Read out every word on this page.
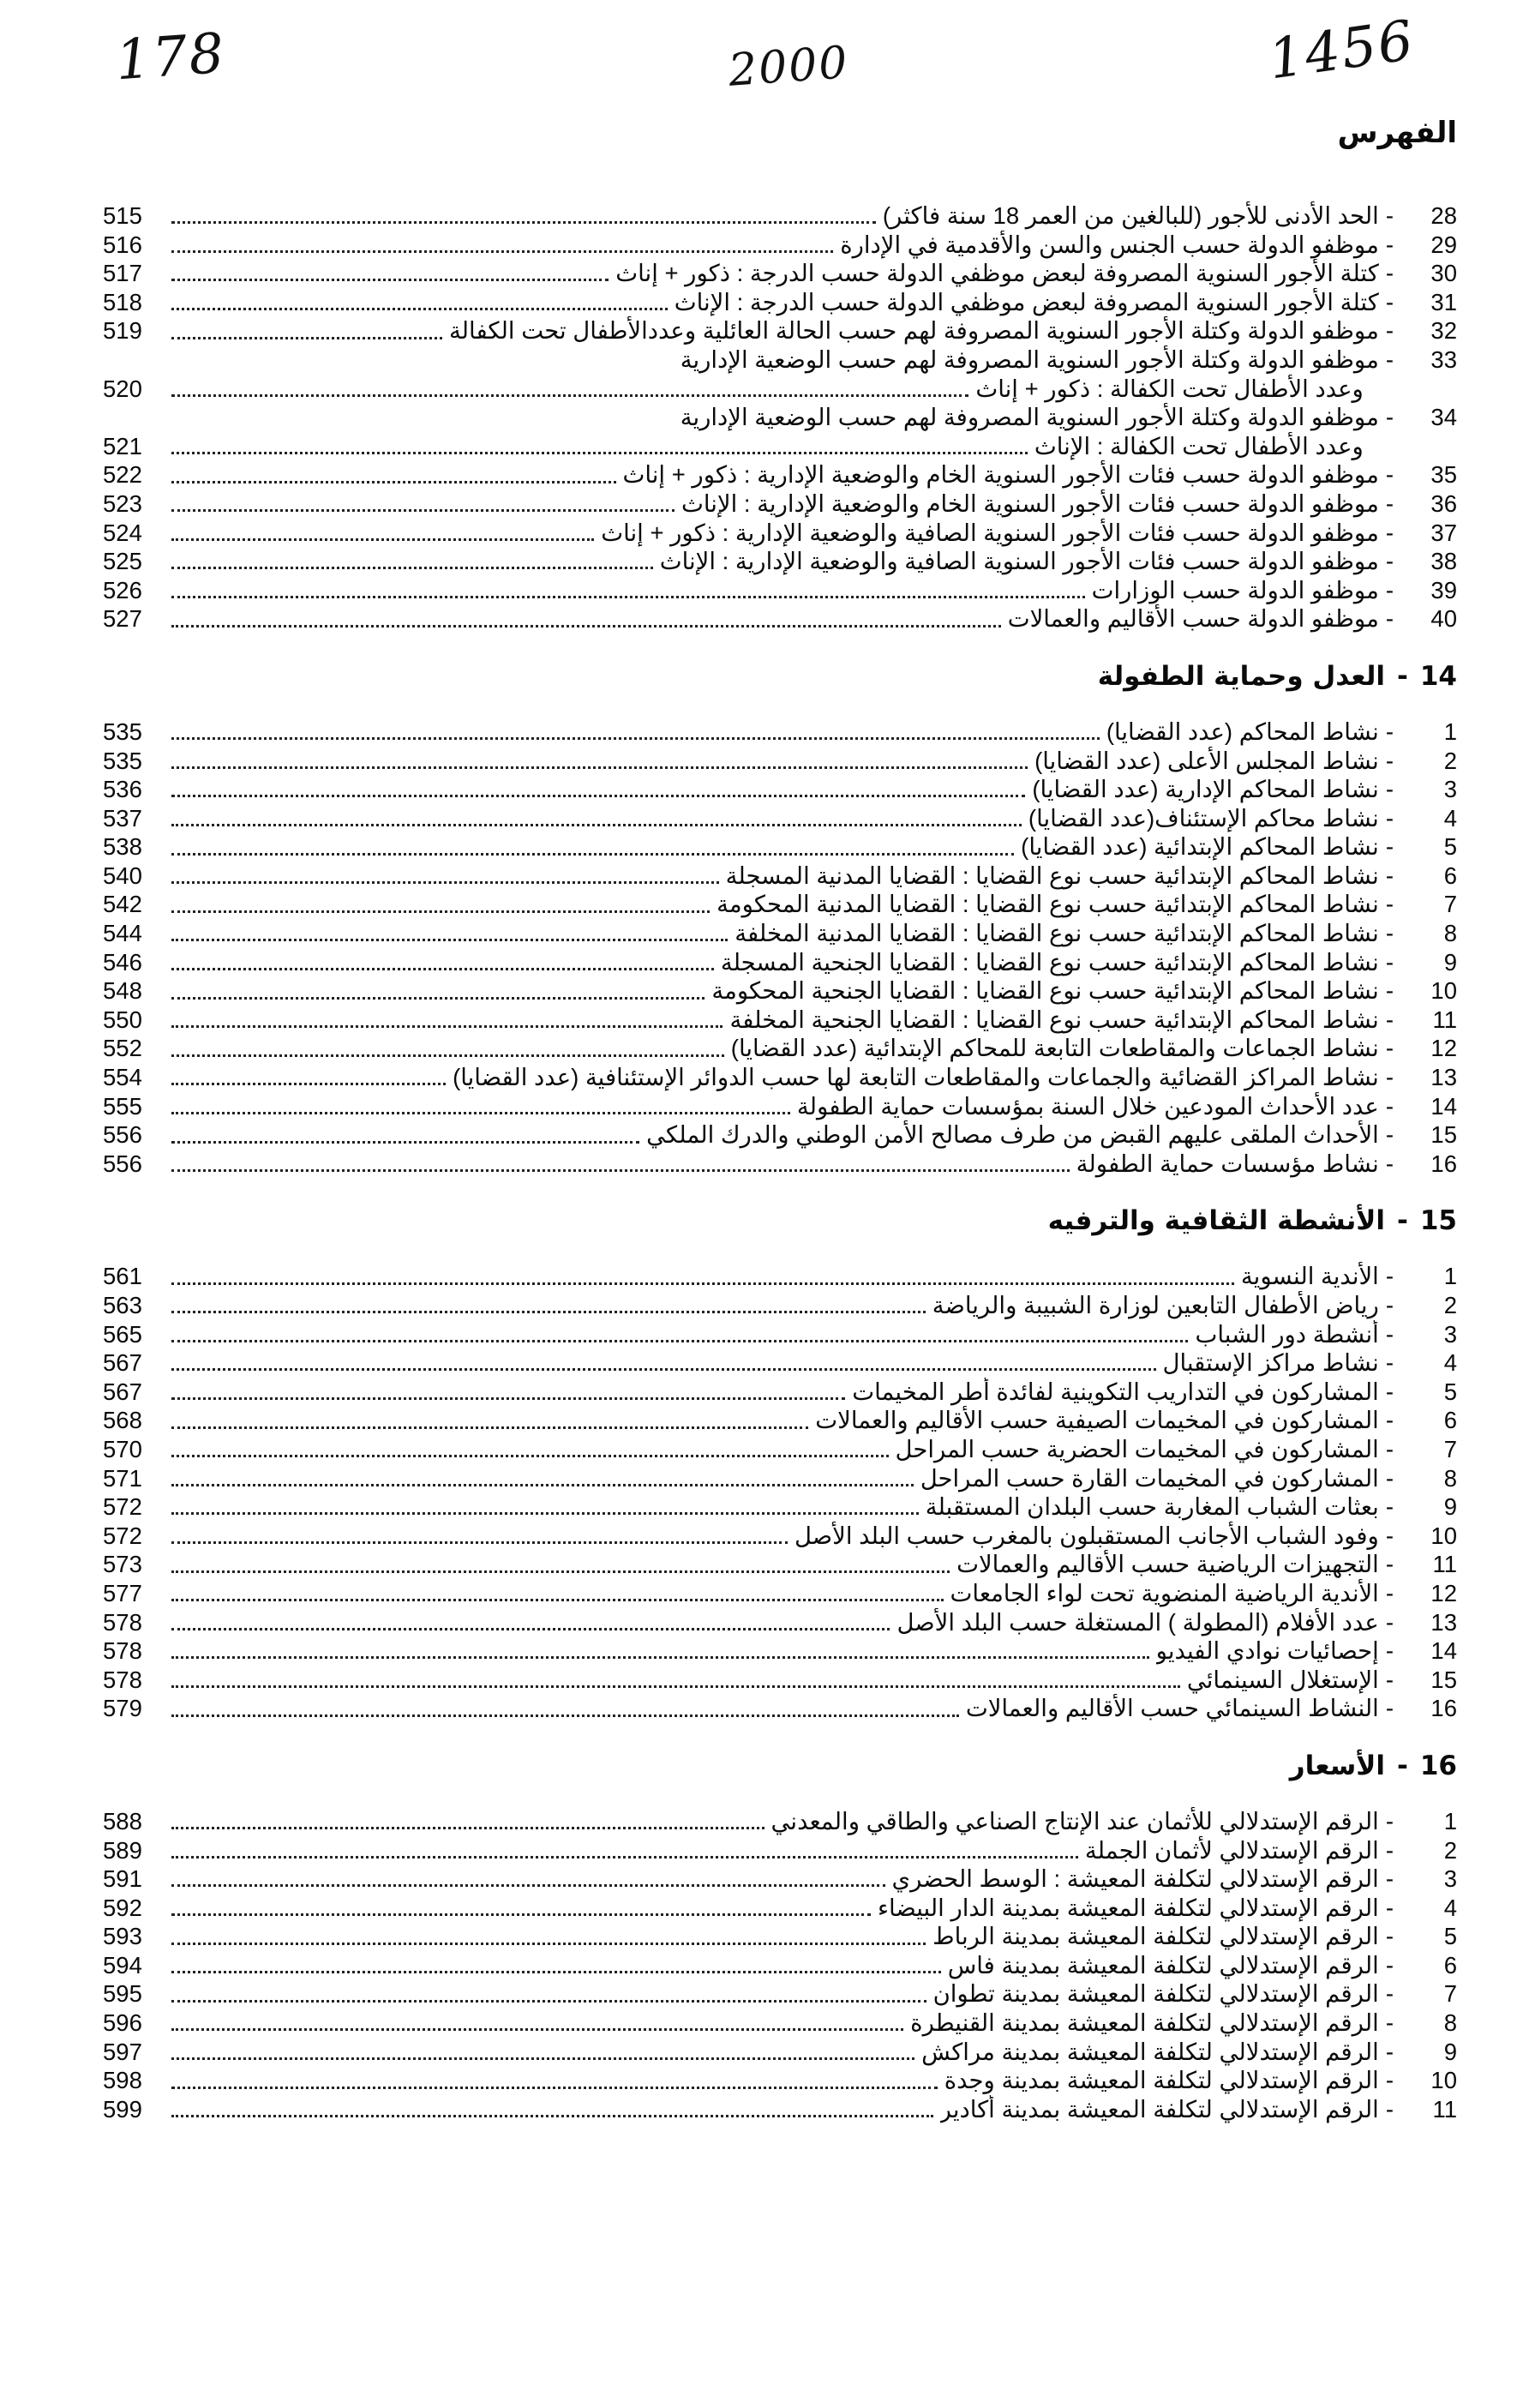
178	2000	1456
الفهرس
28
-
الحد الأدنى للأجور (للبالغين من العمر 18 سنة فاكثر)
515
29
-
موظفو الدولة حسب الجنس والسن والأقدمية في الإدارة
516
30
-
كتلة الأجور السنوية المصروفة لبعض موظفي الدولة حسب الدرجة : ذكور + إناث
517
31
-
كتلة الأجور السنوية المصروفة لبعض موظفي الدولة حسب الدرجة : الإناث
518
32
-
موظفو الدولة وكتلة الأجور السنوية المصروفة لهم حسب الحالة العائلية وعددالأطفال تحت الكفالة
519
33
-
موظفو الدولة وكتلة الأجور السنوية المصروفة لهم حسب الوضعية الإدارية
وعدد الأطفال تحت الكفالة : ذكور + إناث
520
34
-
موظفو الدولة وكتلة الأجور السنوية المصروفة لهم حسب الوضعية الإدارية
وعدد الأطفال تحت الكفالة : الإناث
521
35
-
موظفو الدولة حسب فئات الأجور السنوية الخام والوضعية الإدارية : ذكور + إناث
522
36
-
موظفو الدولة حسب فئات الأجور السنوية الخام والوضعية الإدارية : الإناث
523
37
-
موظفو الدولة حسب فئات الأجور السنوية الصافية والوضعية الإدارية : ذكور + إناث
524
38
-
موظفو الدولة حسب فئات الأجور السنوية الصافية والوضعية الإدارية : الإناث
525
39
-
موظفو الدولة حسب الوزارات
526
40
-
موظفو الدولة حسب الأقاليم والعمالات
527
14
-
العدل وحماية الطفولة
1
-
نشاط المحاكم (عدد القضايا)
535
2
-
نشاط المجلس الأعلى (عدد القضايا)
535
3
-
نشاط المحاكم الإدارية (عدد القضايا)
536
4
-
نشاط محاكم الإستئناف(عدد القضايا)
537
5
-
نشاط المحاكم الإبتدائية (عدد القضايا)
538
6
-
نشاط المحاكم الإبتدائية حسب نوع القضايا : القضايا المدنية المسجلة
540
7
-
نشاط المحاكم الإبتدائية حسب نوع القضايا : القضايا المدنية المحكومة
542
8
-
نشاط المحاكم الإبتدائية حسب نوع القضايا : القضايا المدنية المخلفة
544
9
-
نشاط المحاكم الإبتدائية حسب نوع القضايا : القضايا الجنحية المسجلة
546
10
-
نشاط المحاكم الإبتدائية حسب نوع القضايا : القضايا الجنحية المحكومة
548
11
-
نشاط المحاكم الإبتدائية حسب نوع القضايا : القضايا الجنحية المخلفة
550
12
-
نشاط الجماعات والمقاطعات التابعة للمحاكم الإبتدائية (عدد القضايا)
552
13
-
نشاط المراكز القضائية والجماعات والمقاطعات التابعة لها حسب الدوائر الإستئنافية (عدد القضايا)
554
14
-
عدد الأحداث المودعين خلال السنة بمؤسسات حماية الطفولة
555
15
-
الأحداث الملقى عليهم القبض من طرف مصالح الأمن الوطني والدرك الملكي
556
16
-
نشاط مؤسسات حماية الطفولة
556
15
-
الأنشطة الثقافية والترفيه
1
-
الأندية النسوية
561
2
-
رياض الأطفال التابعين لوزارة الشبيبة والرياضة
563
3
-
أنشطة دور الشباب
565
4
-
نشاط مراكز الإستقبال
567
5
-
المشاركون في التداريب التكوينية لفائدة أطر المخيمات
567
6
-
المشاركون في المخيمات الصيفية حسب الأقاليم والعمالات
568
7
-
المشاركون في المخيمات الحضرية حسب المراحل
570
8
-
المشاركون في المخيمات القارة حسب المراحل
571
9
-
بعثات الشباب المغاربة حسب البلدان المستقبلة
572
10
-
وفود الشباب الأجانب المستقبلون بالمغرب حسب البلد الأصل
572
11
-
التجهيزات الرياضية حسب الأقاليم والعمالات
573
12
-
الأندية الرياضية المنضوية تحت لواء الجامعات
577
13
-
عدد الأفلام (المطولة ) المستغلة حسب البلد الأصل
578
14
-
إحصائيات نوادي الفيديو
578
15
-
الإستغلال السينمائي
578
16
-
النشاط السينمائي حسب الأقاليم والعمالات
579
16
-
الأسعار
1
-
الرقم الإستدلالي للأثمان عند الإنتاج الصناعي والطاقي والمعدني
588
2
-
الرقم الإستدلالي لأثمان الجملة
589
3
-
الرقم الإستدلالي لتكلفة المعيشة : الوسط الحضري
591
4
-
الرقم الإستدلالي لتكلفة المعيشة بمدينة الدار البيضاء
592
5
-
الرقم الإستدلالي لتكلفة المعيشة بمدينة الرباط
593
6
-
الرقم الإستدلالي لتكلفة المعيشة بمدينة فاس
594
7
-
الرقم الإستدلالي لتكلفة المعيشة بمدينة تطوان
595
8
-
الرقم الإستدلالي لتكلفة المعيشة بمدينة القنيطرة
596
9
-
الرقم الإستدلالي لتكلفة المعيشة بمدينة مراكش
597
10
-
الرقم الإستدلالي لتكلفة المعيشة بمدينة وجدة
598
11
-
الرقم الإستدلالي لتكلفة المعيشة بمدينة أكادير
599
